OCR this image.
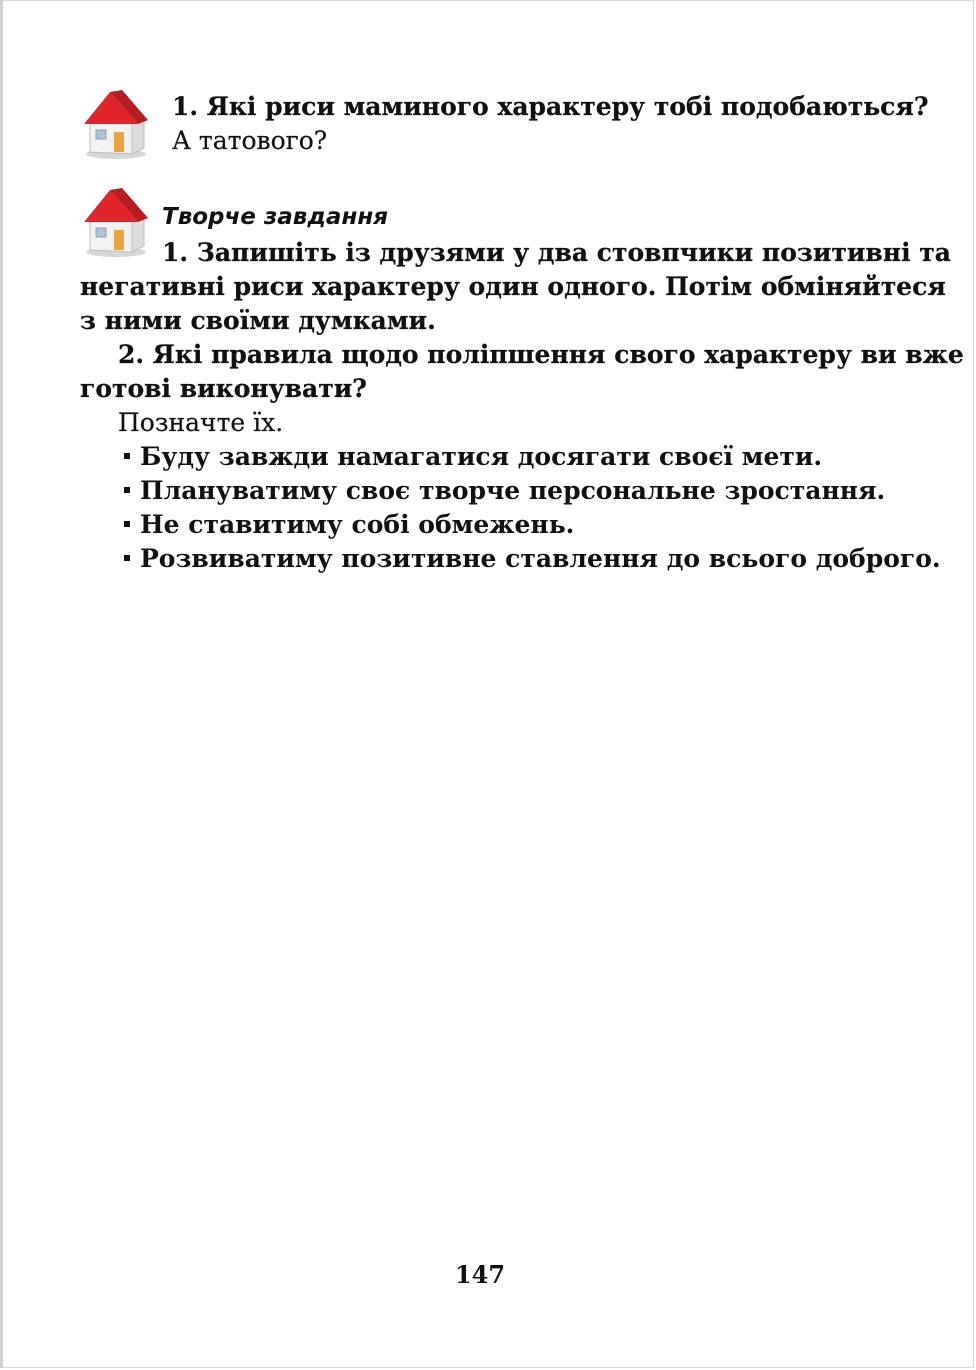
1. Які риси маминого характеру тобі подобаються?
А татового?
Творче завдання
1. Запишіть із друзями у два стовпчики позитивні та
негативні риси характеру один одного. Потім обміняйтеся
з ними своїми думками.
2. Які правила щодо поліпшення свого характеру ви вже
готові виконувати?
Позначте їх.
Буду завжди намагатися досягати своєї мети.
Плануватиму своє творче персональне зростання.
Не ставитиму собі обмежень.
Розвиватиму позитивне ставлення до всього доброго.
147
